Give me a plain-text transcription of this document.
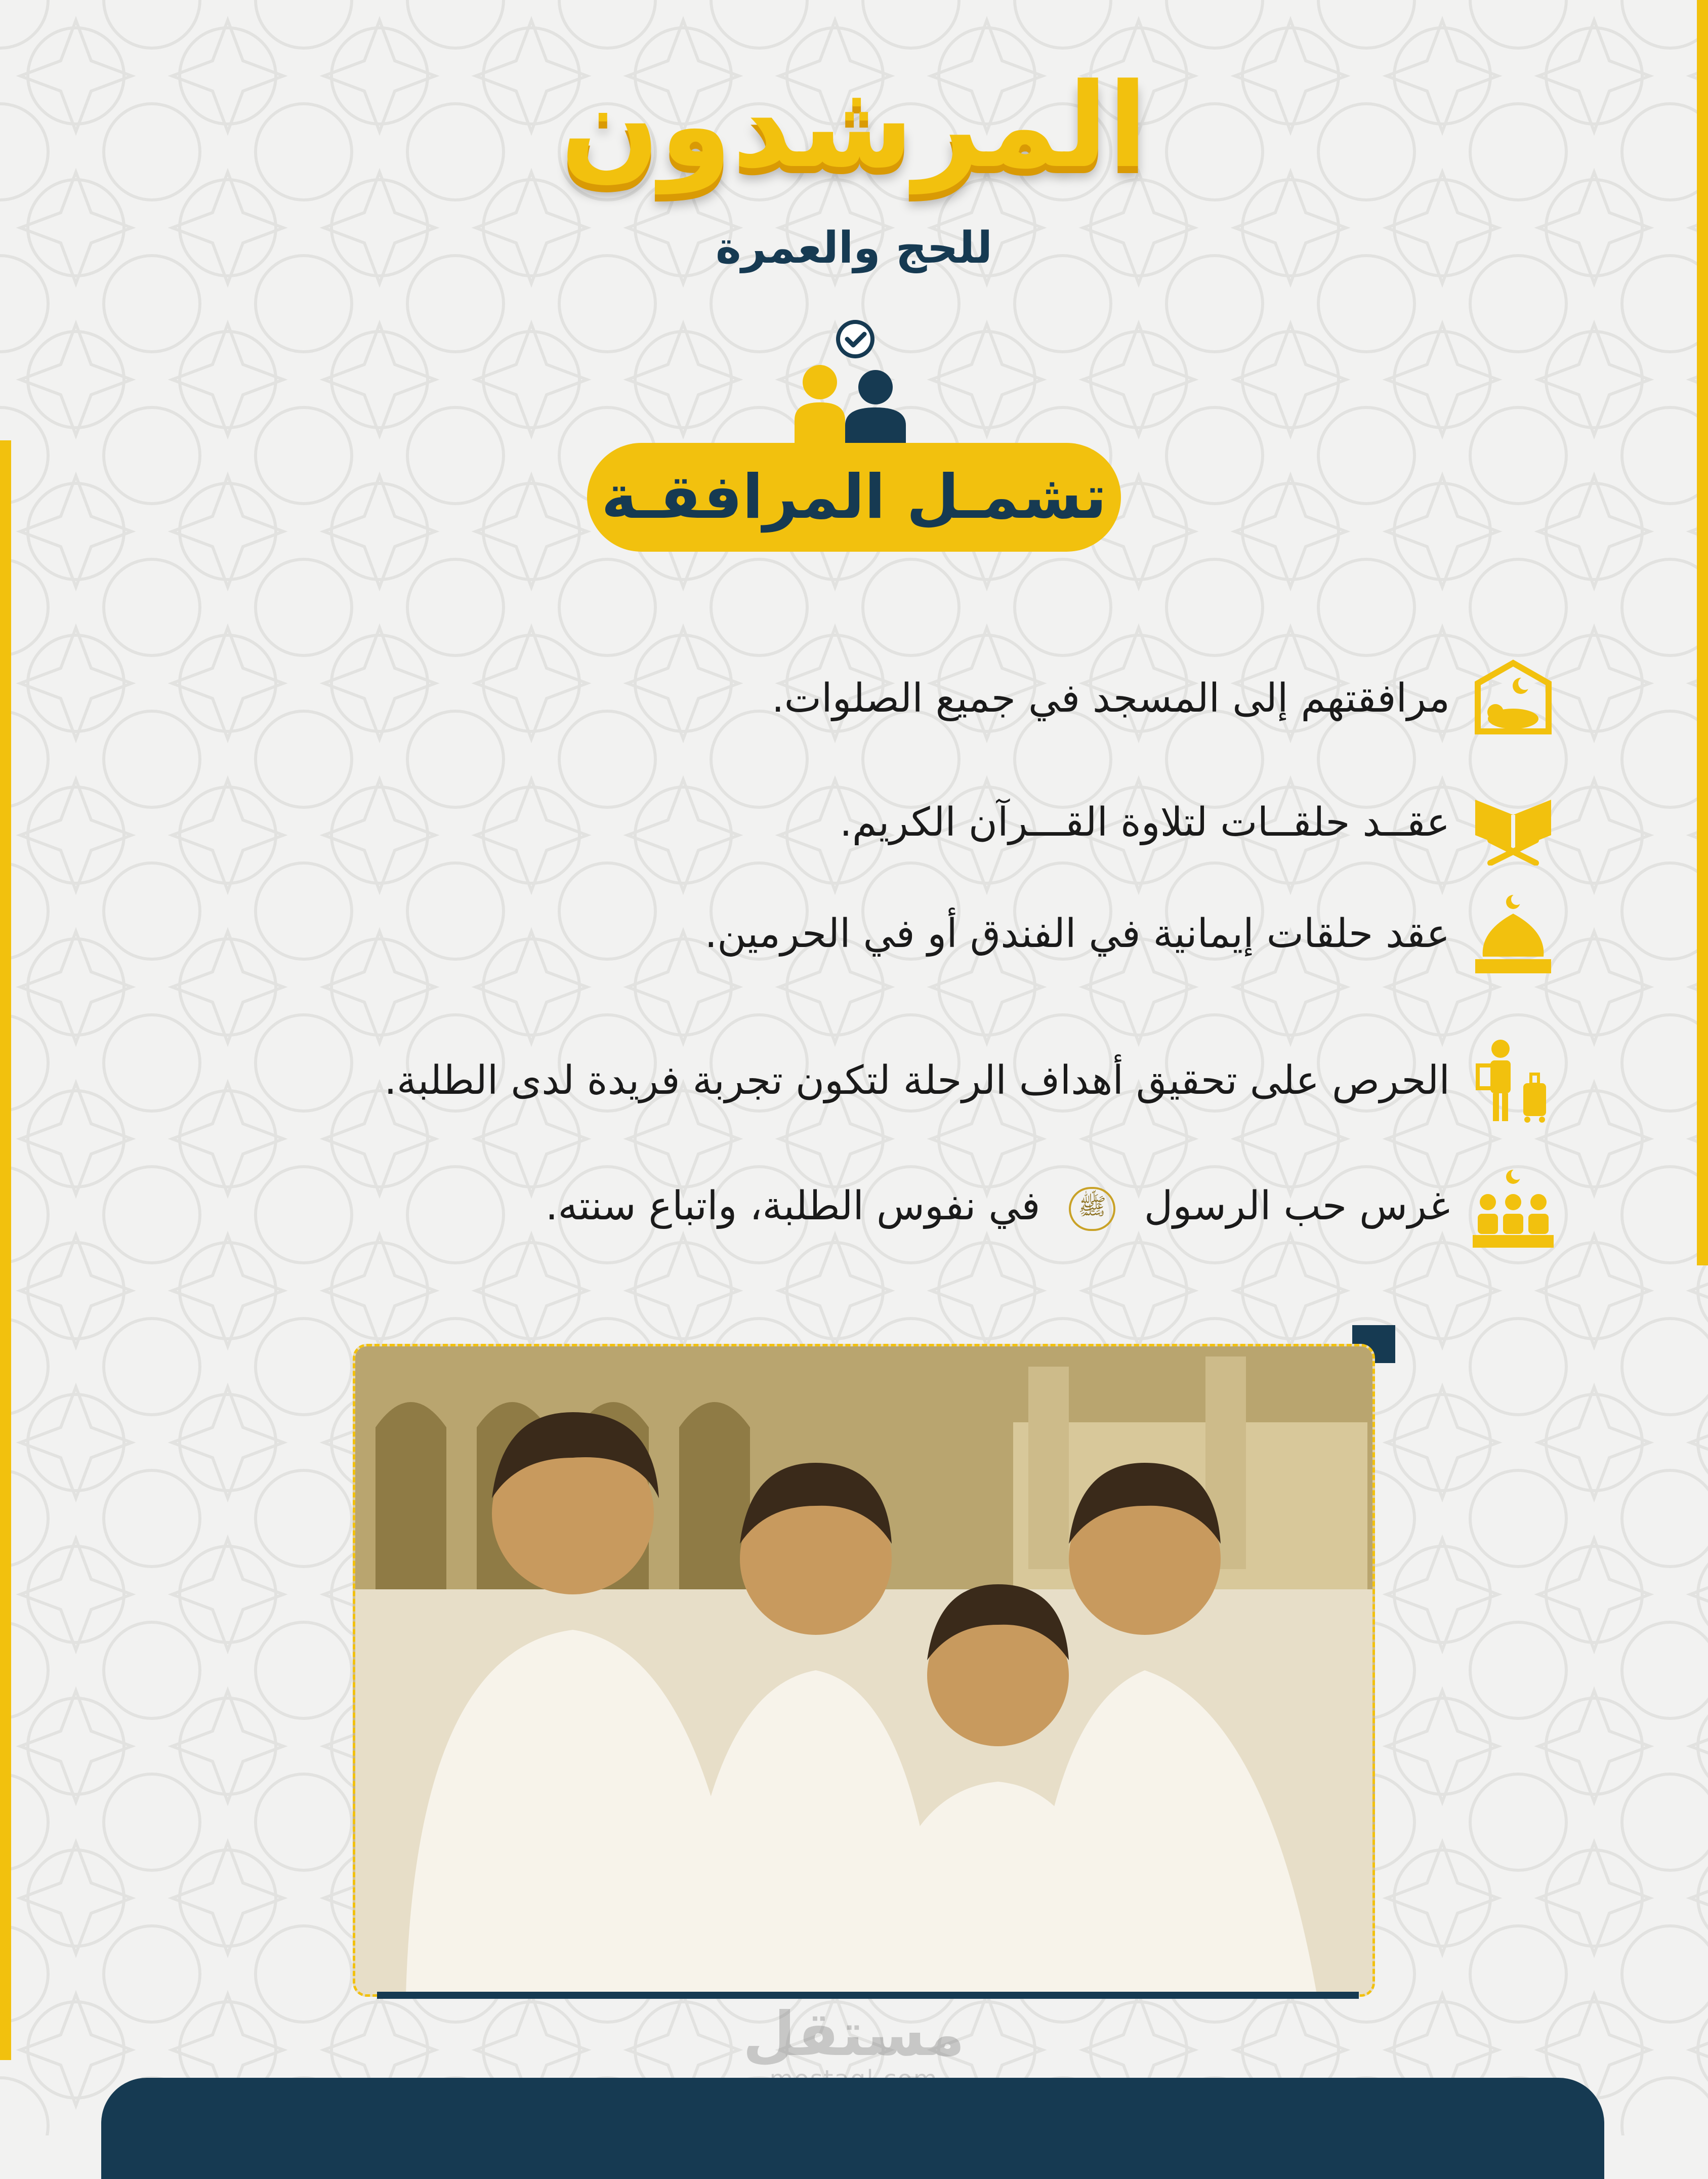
المرشدون
للحج والعمرة
تشمـل المرافقـة
مرافقتهم إلى المسجد في جميع الصلوات.
عقــد حلقــات لتلاوة القـــرآن الكريم.
عقد حلقات إيمانية في الفندق أو في الحرمين.
الحرص على تحقيق أهداف الرحلة لتكون تجربة فريدة لدى الطلبة.
غرس حب الرسول ﷺ في نفوس الطلبة، واتباع سنته.
مستقل
